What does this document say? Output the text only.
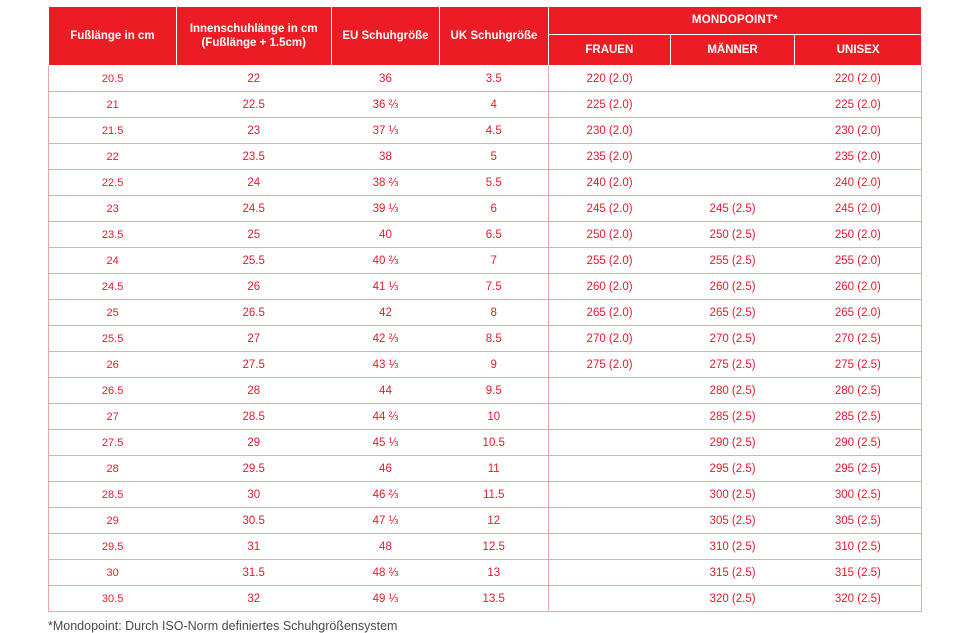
Fußlänge in cm	Innenschuhlänge in cm (Fußlänge + 1.5cm)	EU Schuhgröße	UK Schuhgröße	MONDOPOINT*		
				FRAUEN	MÄNNER	UNISEX
20.5	22	36	3.5	220 (2.0)		220 (2.0)
21	22.5	36 ⅔	4	225 (2.0)		225 (2.0)
21.5	23	37 ⅓	4.5	230 (2.0)		230 (2.0)
22	23.5	38	5	235 (2.0)		235 (2.0)
22.5	24	38 ⅔	5.5	240 (2.0)		240 (2.0)
23	24.5	39 ⅓	6	245 (2.0)	245 (2.5)	245 (2.0)
23.5	25	40	6.5	250 (2.0)	250 (2.5)	250 (2.0)
24	25.5	40 ⅔	7	255 (2.0)	255 (2.5)	255 (2.0)
24.5	26	41 ⅓	7.5	260 (2.0)	260 (2.5)	260 (2.0)
25	26.5	42	8	265 (2.0)	265 (2.5)	265 (2.0)
25.5	27	42 ⅔	8.5	270 (2.0)	270 (2.5)	270 (2.5)
26	27.5	43 ⅓	9	275 (2.0)	275 (2.5)	275 (2.5)
26.5	28	44	9.5		280 (2.5)	280 (2.5)
27	28.5	44 ⅔	10		285 (2.5)	285 (2.5)
27.5	29	45 ⅓	10.5		290 (2.5)	290 (2.5)
28	29.5	46	11		295 (2.5)	295 (2.5)
28.5	30	46 ⅔	11.5		300 (2.5)	300 (2.5)
29	30.5	47 ⅓	12		305 (2.5)	305 (2.5)
29.5	31	48	12.5		310 (2.5)	310 (2.5)
30	31.5	48 ⅔	13		315 (2.5)	315 (2.5)
30.5	32	49 ⅓	13.5		320 (2.5)	320 (2.5)
*Mondopoint: Durch ISO-Norm definiertes Schuhgrößensystem
